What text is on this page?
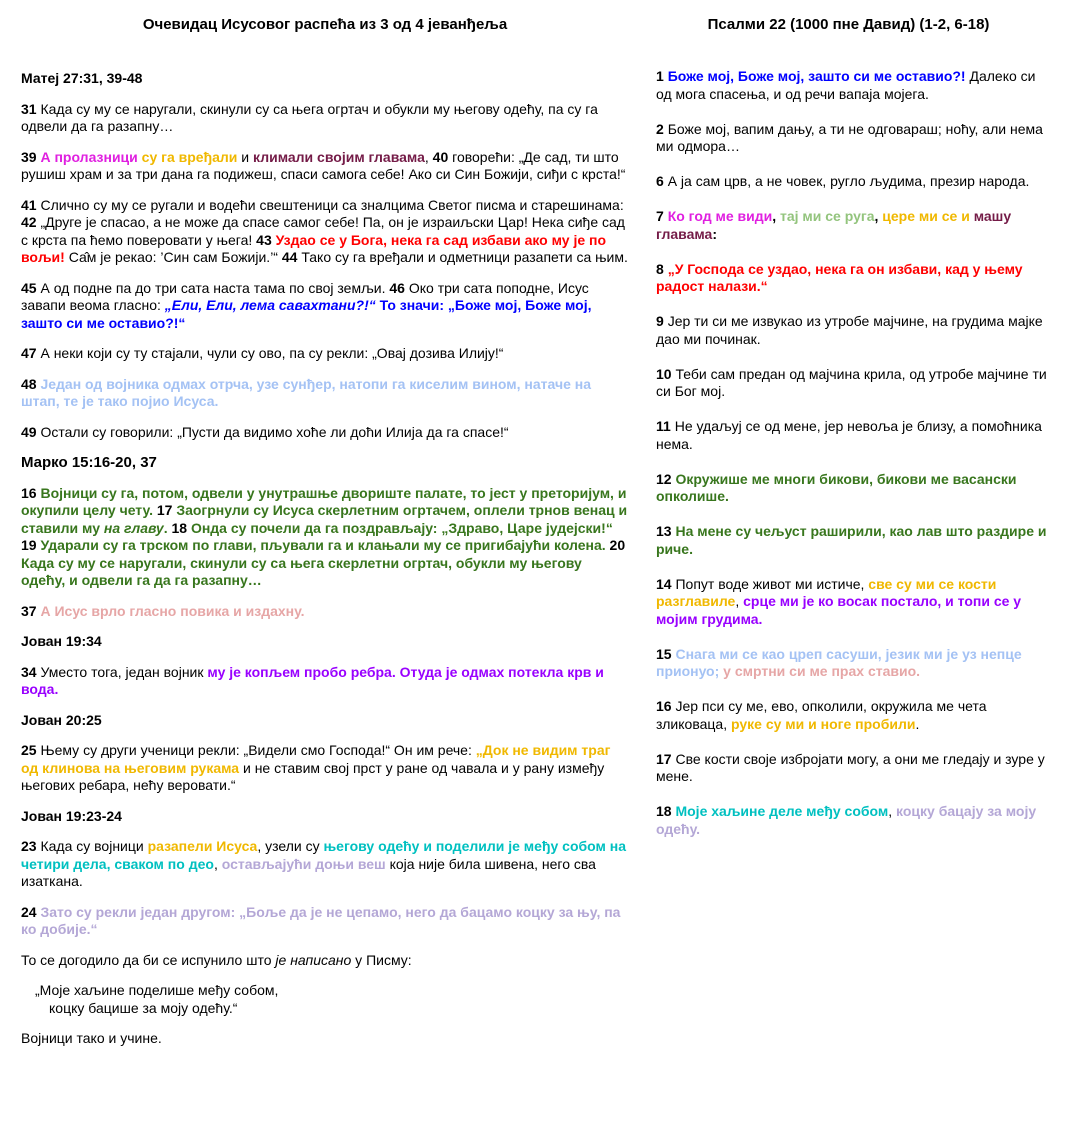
Очевидац Исусовог распећа из 3 од 4 јеванђеља

Матеј 27:31, 39-48

31 Када су му се наругали, скинули су са њега огртач и обукли му његову одећу, па су га одвели да га разапну…

39 А пролазници су га вређали и климали својим главама, 40 говорећи: „Де сад, ти што рушиш храм и за три дана га подижеш, спаси самога себе! Ако си Син Божији, сиђи с крста!“

41 Слично су му се ругали и водећи свештеници са зналцима Светог писма и старешинама: 42 „Друге је спасао, а не може да спасе самог себе! Па, он је израиљски Цар! Нека сиђе сад с крста па ћемо поверовати у њега! 43 Уздао се у Бога, нека га сад избави ако му је по вољи! Са̂м је рекао: ’Син сам Божији.’“ 44 Тако су га вређали и одметници разапети са њим.

45 А од подне па до три сата наста тама по свој земљи. 46 Око три сата поподне, Исус завапи веома гласно: „Ели, Ели, лема савахтани?!“ То значи: „Боже мој, Боже мој, зашто си ме оставио?!“

47 А неки који су ту стајали, чули су ово, па су рекли: „Овај дозива Илију!“

48 Један од војника одмах отрча, узе сунђер, натопи га киселим вином, натаче на штап, те је тако појио Исуса.

49 Остали су говорили: „Пусти да видимо хоће ли доћи Илија да га спасе!“

Марко 15:16-20, 37

16 Војници су га, потом, одвели у унутрашње двориште палате, то јест у преторијум, и окупили целу чету. 17 Заогрнули су Исуса скерлетним огртачем, оплели трнов венац и ставили му на главу. 18 Онда су почели да га поздрављају: „Здраво, Царе јудејски!“ 19 Ударали су га трском по глави, пљували га и клањали му се пригибајући колена. 20 Када су му се наругали, скинули су са њега скерлетни огртач, обукли му његову одећу, и одвели га да га разапну…

37 А Исус врло гласно повика и издахну.

Јован 19:34

34 Уместо тога, један војник му је копљем пробо ребра. Отуда је одмах потекла крв и вода.

Јован 20:25

25 Њему су други ученици рекли: „Видели смо Господа!“ Он им рече: „Док не видим траг од клинова на његовим рукама и не ставим свој прст у ране од чавала и у рану између његових ребара, нећу веровати.“

Јован 19:23-24

23 Када су војници разапели Исуса, узели су његову одећу и поделили је међу собом на четири дела, сваком по део, остављајући доњи веш која није била шивена, него сва изаткана.

24 Зато су рекли један другом: „Боље да је не цепамо, него да бацамо коцку за њу, па ко добије.“

То се догодило да би се испунило што је написано у Писму:

„Моје хаљине поделише међу собом,

коцку бацише за моју одећу.“

Војници тако и учине.

Псалми 22 (1000 пне Давид) (1-2, 6-18)

1 Боже мој, Боже мој, зашто си ме оставио?! Далеко си од мога спасења, и од речи вапаја мојега.

2 Боже мој, вапим дању, а ти не одговараш; ноћу, али нема ми одмора…

6 А ја сам црв, а не човек, ругло људима, презир народа.

7 Ко год ме види, тај ми се руга, цере ми се и машу главама:

8 „У Господа се уздао, нека га он избави, кад у њему радост налази.“

9 Јер ти си ме извукао из утробе мајчине, на грудима мајке дао ми починак.

10 Теби сам предан од мајчина крила, од утробе мајчине ти си Бог мој.

11 Не удаљуј се од мене, јер невоља је близу, а помоћника нема.

12 Окружише ме многи бикови, бикови ме васански опколише.

13 На мене су чељуст раширили, као лав што раздире и риче.

14 Попут воде живот ми истиче, све су ми се кости разглавиле, срце ми је ко восак постало, и топи се у мојим грудима.

15 Снага ми се као цреп сасуши, језик ми је уз непце прионуо; у смртни си ме прах ставио.

16 Јер пси су ме, ево, опколили, окружила ме чета зликоваца, руке су ми и ноге пробили.

17 Све кости своје избројати могу, а они ме гледају и зуре у мене.

18 Моје хаљине деле међу собом, коцку бацају за моју одећу.
